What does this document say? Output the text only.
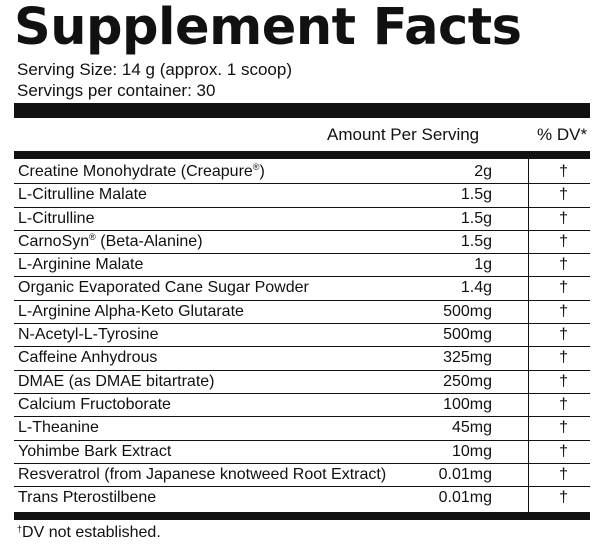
Supplement Facts
Serving Size: 14 g (approx. 1 scoop)
Servings per container: 30
Amount Per Serving	% DV*
Creatine Monohydrate (Creapure®)	2g	†
L-Citrulline Malate	1.5g	†
L-Citrulline	1.5g	†
CarnoSyn® (Beta-Alanine)	1.5g	†
L-Arginine Malate	1g	†
Organic Evaporated Cane Sugar Powder	1.4g	†
L-Arginine Alpha-Keto Glutarate	500mg	†
N-Acetyl-L-Tyrosine	500mg	†
Caffeine Anhydrous	325mg	†
DMAE (as DMAE bitartrate)	250mg	†
Calcium Fructoborate	100mg	†
L-Theanine	45mg	†
Yohimbe Bark Extract	10mg	†
Resveratrol (from Japanese knotweed Root Extract)	0.01mg	†
Trans Pterostilbene	0.01mg	†
†DV not established.
